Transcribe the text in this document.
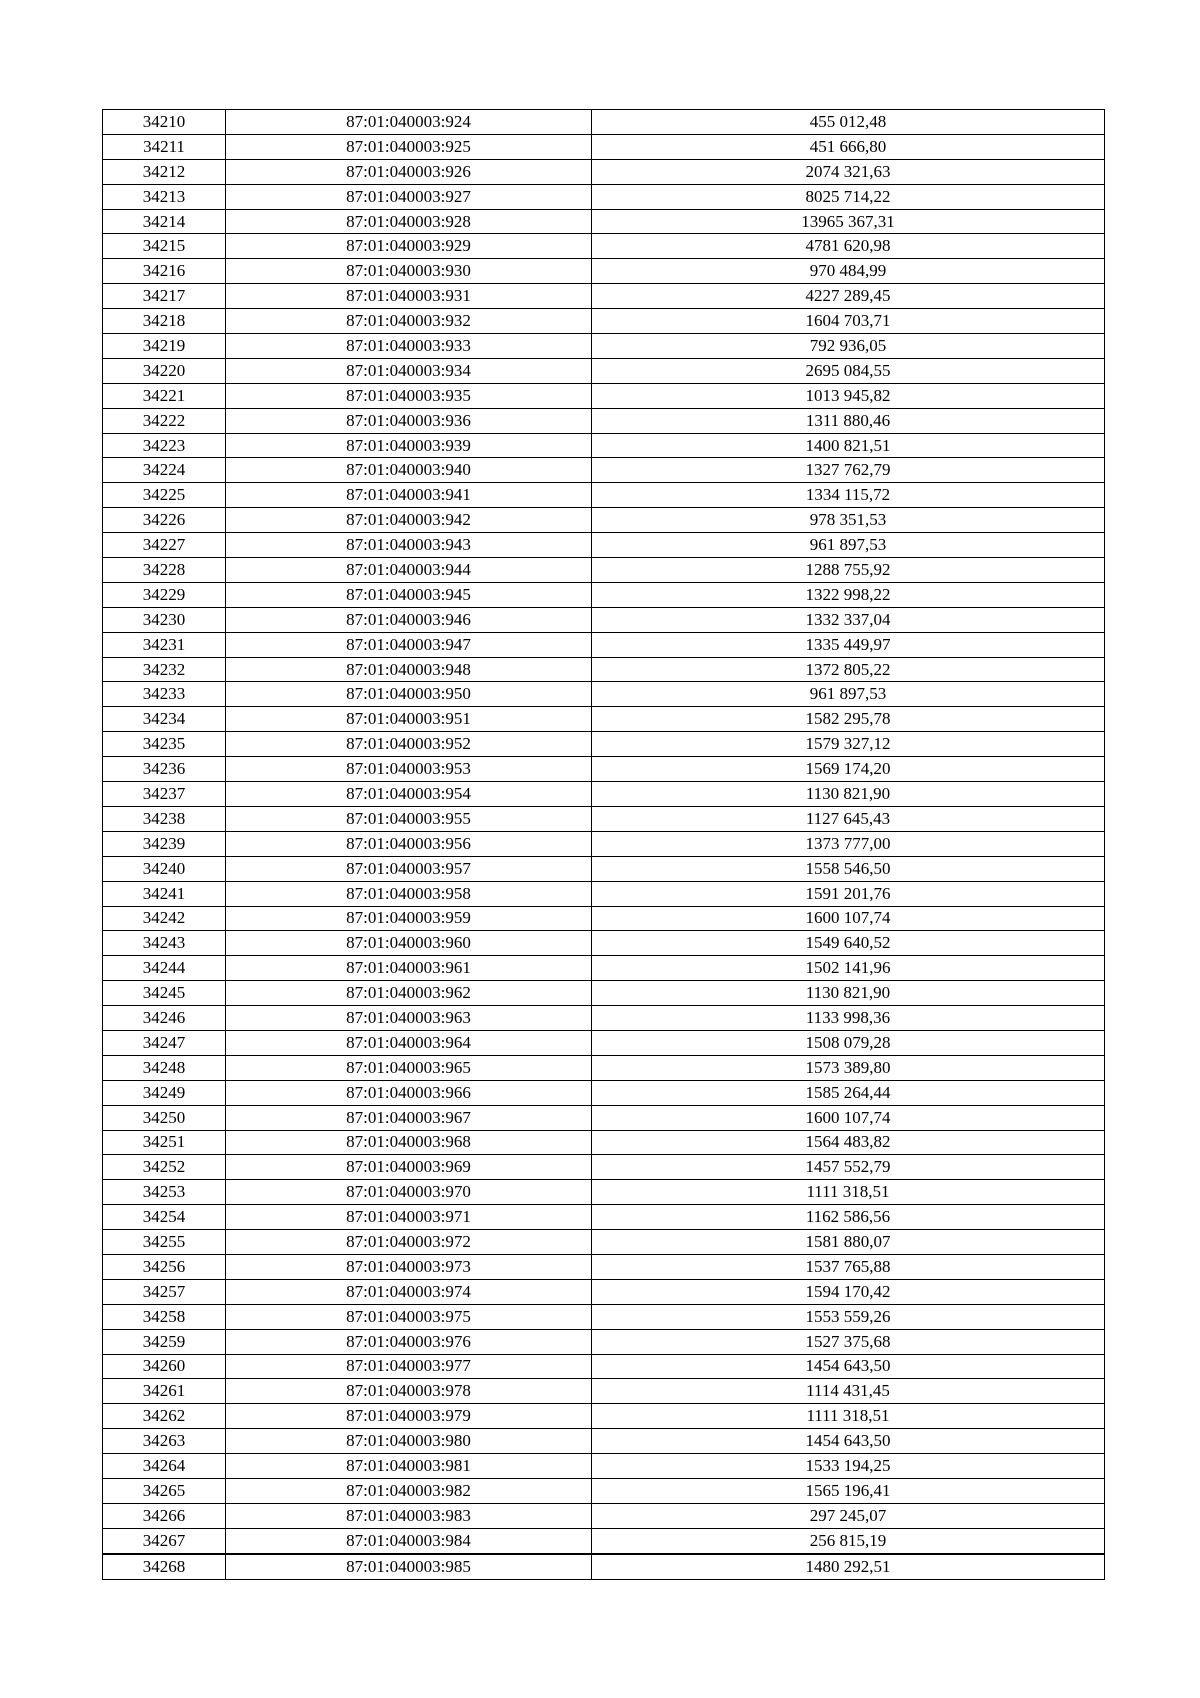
34210	87:01:040003:924	455 012,48
34211	87:01:040003:925	451 666,80
34212	87:01:040003:926	2074 321,63
34213	87:01:040003:927	8025 714,22
34214	87:01:040003:928	13965 367,31
34215	87:01:040003:929	4781 620,98
34216	87:01:040003:930	970 484,99
34217	87:01:040003:931	4227 289,45
34218	87:01:040003:932	1604 703,71
34219	87:01:040003:933	792 936,05
34220	87:01:040003:934	2695 084,55
34221	87:01:040003:935	1013 945,82
34222	87:01:040003:936	1311 880,46
34223	87:01:040003:939	1400 821,51
34224	87:01:040003:940	1327 762,79
34225	87:01:040003:941	1334 115,72
34226	87:01:040003:942	978 351,53
34227	87:01:040003:943	961 897,53
34228	87:01:040003:944	1288 755,92
34229	87:01:040003:945	1322 998,22
34230	87:01:040003:946	1332 337,04
34231	87:01:040003:947	1335 449,97
34232	87:01:040003:948	1372 805,22
34233	87:01:040003:950	961 897,53
34234	87:01:040003:951	1582 295,78
34235	87:01:040003:952	1579 327,12
34236	87:01:040003:953	1569 174,20
34237	87:01:040003:954	1130 821,90
34238	87:01:040003:955	1127 645,43
34239	87:01:040003:956	1373 777,00
34240	87:01:040003:957	1558 546,50
34241	87:01:040003:958	1591 201,76
34242	87:01:040003:959	1600 107,74
34243	87:01:040003:960	1549 640,52
34244	87:01:040003:961	1502 141,96
34245	87:01:040003:962	1130 821,90
34246	87:01:040003:963	1133 998,36
34247	87:01:040003:964	1508 079,28
34248	87:01:040003:965	1573 389,80
34249	87:01:040003:966	1585 264,44
34250	87:01:040003:967	1600 107,74
34251	87:01:040003:968	1564 483,82
34252	87:01:040003:969	1457 552,79
34253	87:01:040003:970	1111 318,51
34254	87:01:040003:971	1162 586,56
34255	87:01:040003:972	1581 880,07
34256	87:01:040003:973	1537 765,88
34257	87:01:040003:974	1594 170,42
34258	87:01:040003:975	1553 559,26
34259	87:01:040003:976	1527 375,68
34260	87:01:040003:977	1454 643,50
34261	87:01:040003:978	1114 431,45
34262	87:01:040003:979	1111 318,51
34263	87:01:040003:980	1454 643,50
34264	87:01:040003:981	1533 194,25
34265	87:01:040003:982	1565 196,41
34266	87:01:040003:983	297 245,07
34267	87:01:040003:984	256 815,19
34268	87:01:040003:985	1480 292,51
